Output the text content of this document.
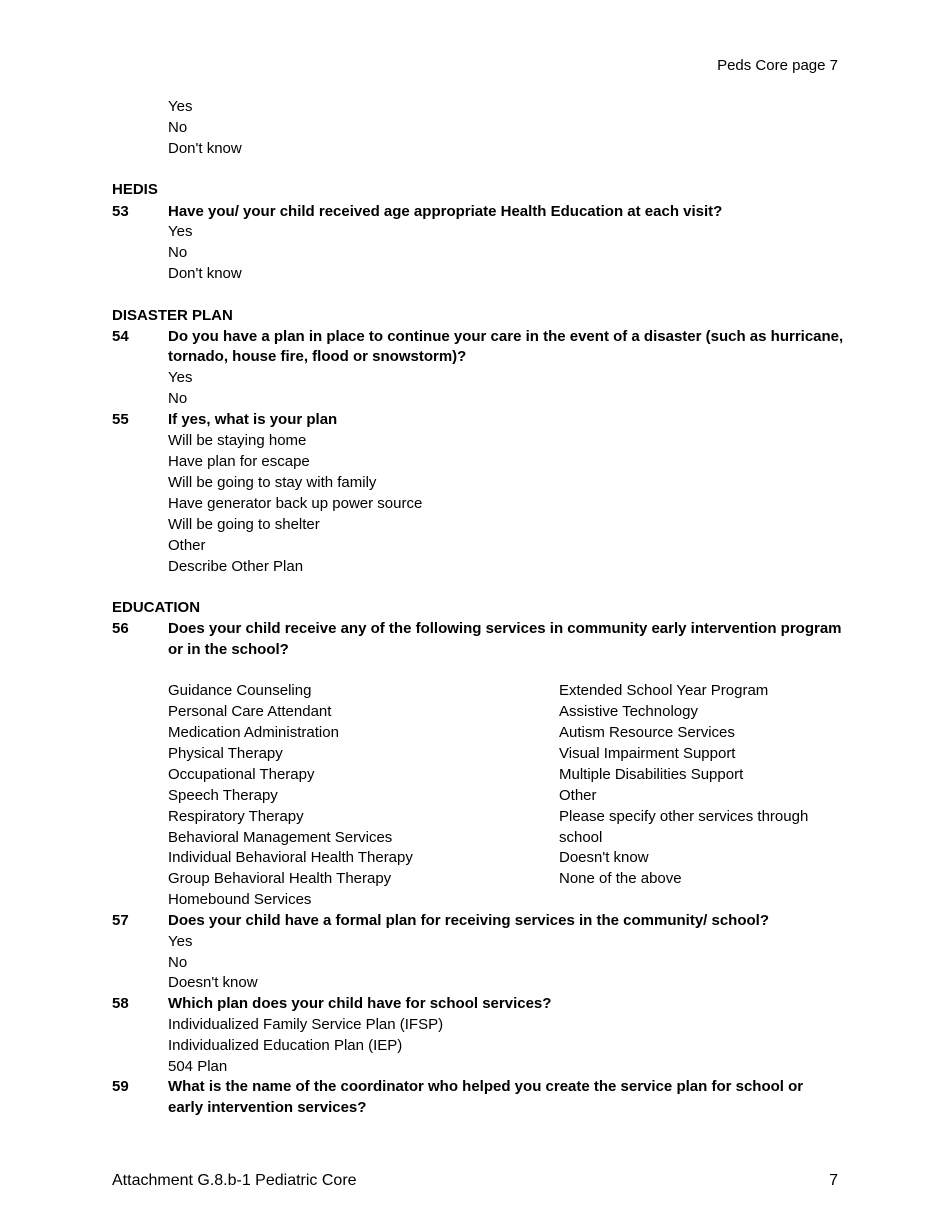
Peds Core page 7
Yes
No
Don't know
HEDIS
53	Have you/ your child received age appropriate Health Education at each visit?
Yes
No
Don't know
DISASTER PLAN
54	Do you have a plan in place to continue your care in the event of a disaster (such as hurricane,
tornado, house fire, flood or snowstorm)?
Yes
No
55	If yes, what is your plan
Will be staying home
Have plan for escape
Will be going to stay with family
Have generator back up power source
Will be going to shelter
Other
Describe Other Plan
EDUCATION
56	Does your child receive any of the following services in community early intervention program
or in the school?
Guidance Counseling
Personal Care Attendant
Medication Administration
Physical Therapy
Occupational Therapy
Speech Therapy
Respiratory Therapy
Behavioral Management Services
Individual Behavioral Health Therapy
Group Behavioral Health Therapy
Homebound Services
Extended School Year Program
Assistive Technology
Autism Resource Services
Visual Impairment Support
Multiple Disabilities Support
Other
Please specify other services through
school
Doesn't know
None of the above
57	Does your child have a formal plan for receiving services in the community/ school?
Yes
No
Doesn't know
58	Which plan does your child have for school services?
Individualized Family Service Plan (IFSP)
Individualized Education Plan (IEP)
504 Plan
59	What is the name of the coordinator who helped you create the service plan for school or
early intervention services?
Attachment G.8.b-1 Pediatric Core	7
